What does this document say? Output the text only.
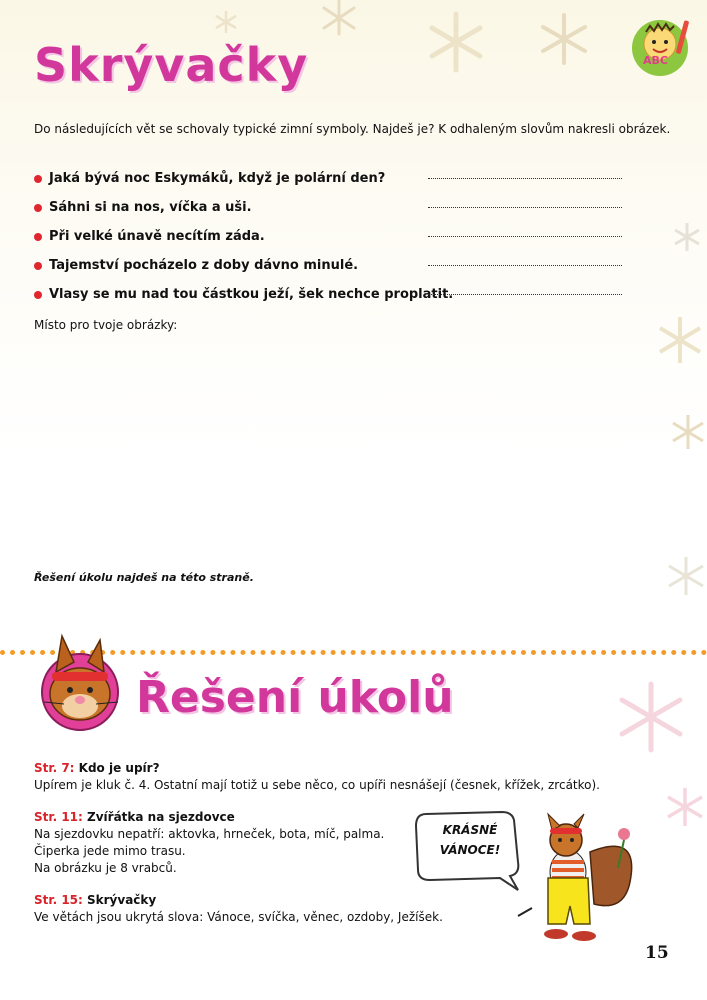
ABC
Skrývačky
Do následujících vět se schovaly typické zimní symboly. Najdeš je? K odhaleným slovům nakresli obrázek.
Jaká bývá noc Eskymáků, když je polární den?
Sáhni si na nos, víčka a uši.
Při velké únavě necítím záda.
Tajemství pocházelo z doby dávno minulé.
Vlasy se mu nad tou částkou ježí, šek nechce proplatit.
Místo pro tvoje obrázky:
Řešení úkolu najdeš na této straně.
Řešení úkolů
Str. 7: Kdo je upír?
Upírem je kluk č. 4. Ostatní mají totiž u sebe něco, co upíři nesnášejí (česnek, křížek, zrcátko).
Str. 11: Zvířátka na sjezdovce
Na sjezdovku nepatří: aktovka, hrneček, bota, míč, palma.
Čiperka jede mimo trasu.
Na obrázku je 8 vrabců.
Str. 15: Skrývačky
Ve větách jsou ukrytá slova: Vánoce, svíčka, věnec, ozdoby, Ježíšek.
KRÁSNÉ
VÁNOCE!
15
